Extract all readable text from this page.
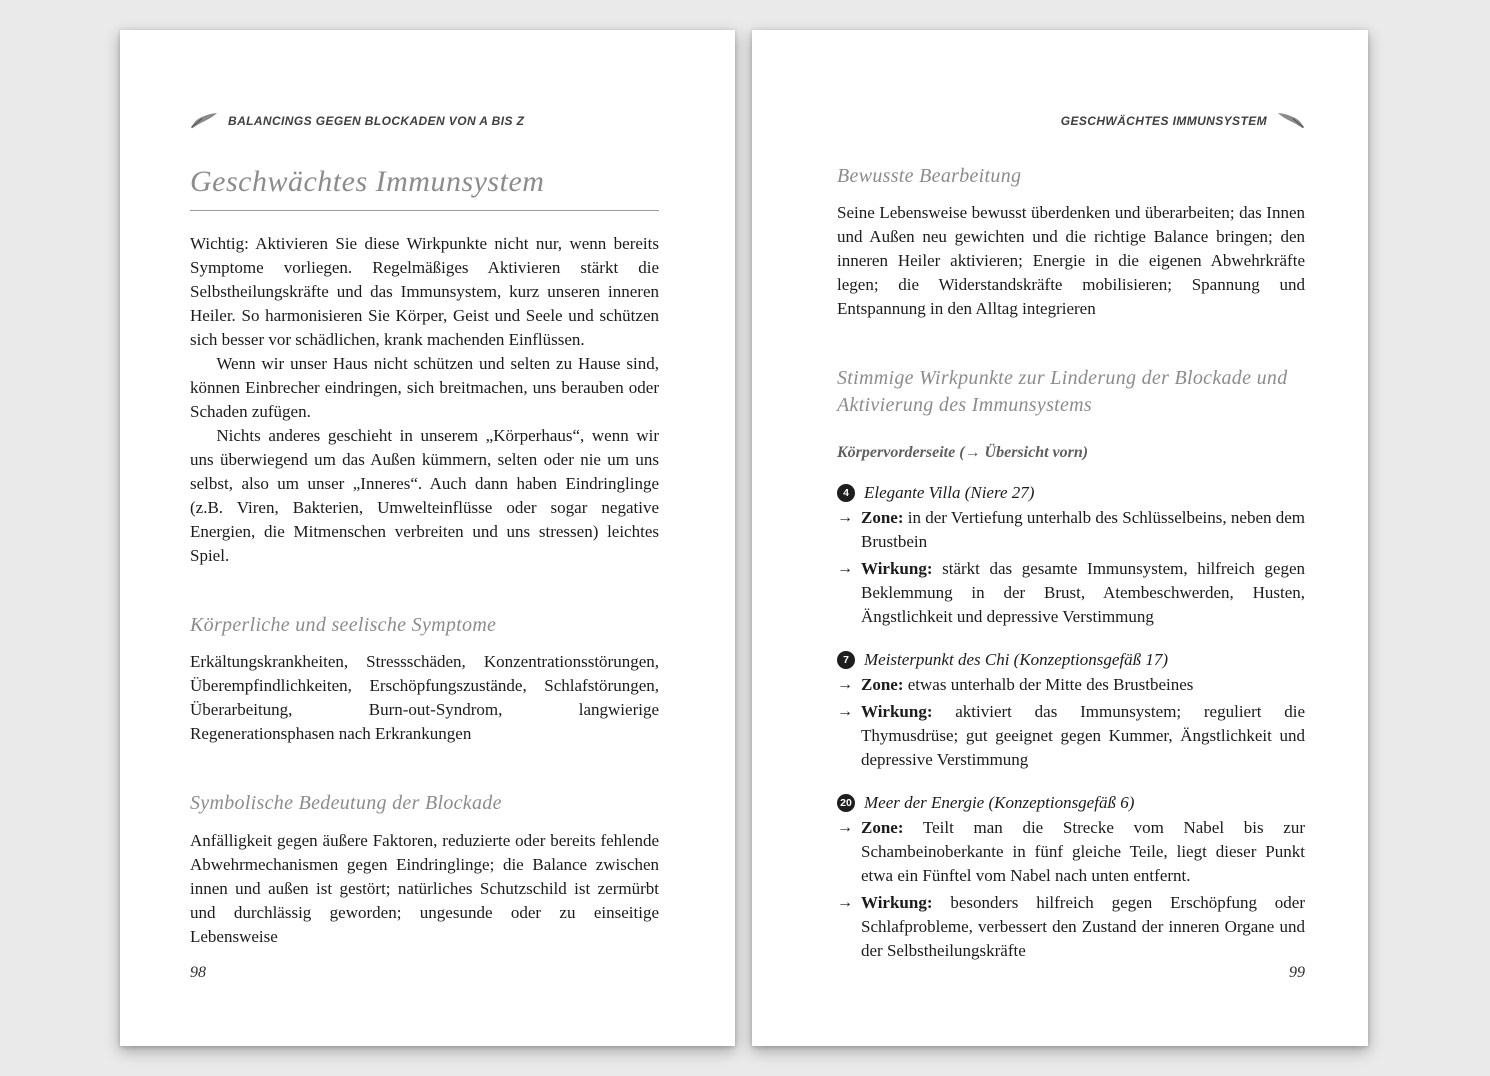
BALANCINGS GEGEN BLOCKADEN VON A BIS Z
Geschwächtes Immunsystem

Wichtig: Aktivieren Sie diese Wirkpunkte nicht nur, wenn bereits Symptome vorliegen. Regelmäßiges Aktivieren stärkt die Selbstheilungskräfte und das Immunsystem, kurz unseren inneren Heiler. So harmonisieren Sie Körper, Geist und Seele und schützen sich besser vor schädlichen, krank machenden Einflüssen.

Wenn wir unser Haus nicht schützen und selten zu Hause sind, können Einbrecher eindringen, sich breitmachen, uns berauben oder Schaden zufügen.

Nichts anderes geschieht in unserem „Körperhaus“, wenn wir uns überwiegend um das Außen kümmern, selten oder nie um uns selbst, also um unser „Inneres“. Auch dann haben Eindringlinge (z.B. Viren, Bakterien, Umwelteinflüsse oder sogar negative Energien, die Mitmenschen verbreiten und uns stressen) leichtes Spiel.

Körperliche und seelische Symptome

Erkältungskrankheiten, Stressschäden, Konzentrationsstörungen, Überempfindlichkeiten, Erschöpfungszustände, Schlafstörungen, Überarbeitung, Burn-out-Syndrom, langwierige Regenerationsphasen nach Erkrankungen

Symbolische Bedeutung der Blockade

Anfälligkeit gegen äußere Faktoren, reduzierte oder bereits fehlende Abwehrmechanismen gegen Eindringlinge; die Balance zwischen innen und außen ist gestört; natürliches Schutzschild ist zermürbt und durchlässig geworden; ungesunde oder zu einseitige Lebensweise

98
GESCHWÄCHTES IMMUNSYSTEM
Bewusste Bearbeitung

Seine Lebensweise bewusst überdenken und überarbeiten; das Innen und Außen neu gewichten und die richtige Balance bringen; den inneren Heiler aktivieren; Energie in die eigenen Abwehrkräfte legen; die Widerstandskräfte mobilisieren; Spannung und Entspannung in den Alltag integrieren

Stimmige Wirkpunkte zur Linderung der Blockade und Aktivierung des Immunsystems
Körpervorderseite (→ Übersicht vorn)
4 Elegante Villa (Niere 27)
→ Zone: in der Vertiefung unterhalb des Schlüsselbeins, neben dem Brustbein
→ Wirkung: stärkt das gesamte Immunsystem, hilfreich gegen Beklemmung in der Brust, Atembeschwerden, Husten, Ängstlichkeit und depressive Verstimmung
7 Meisterpunkt des Chi (Konzeptionsgefäß 17)
→ Zone: etwas unterhalb der Mitte des Brustbeines
→ Wirkung: aktiviert das Immunsystem; reguliert die Thymusdrüse; gut geeignet gegen Kummer, Ängstlichkeit und depressive Verstimmung
20 Meer der Energie (Konzeptionsgefäß 6)
→ Zone: Teilt man die Strecke vom Nabel bis zur Schambeinoberkante in fünf gleiche Teile, liegt dieser Punkt etwa ein Fünftel vom Nabel nach unten entfernt.
→ Wirkung: besonders hilfreich gegen Erschöpfung oder Schlafprobleme, verbessert den Zustand der inneren Organe und der Selbstheilungskräfte
99
